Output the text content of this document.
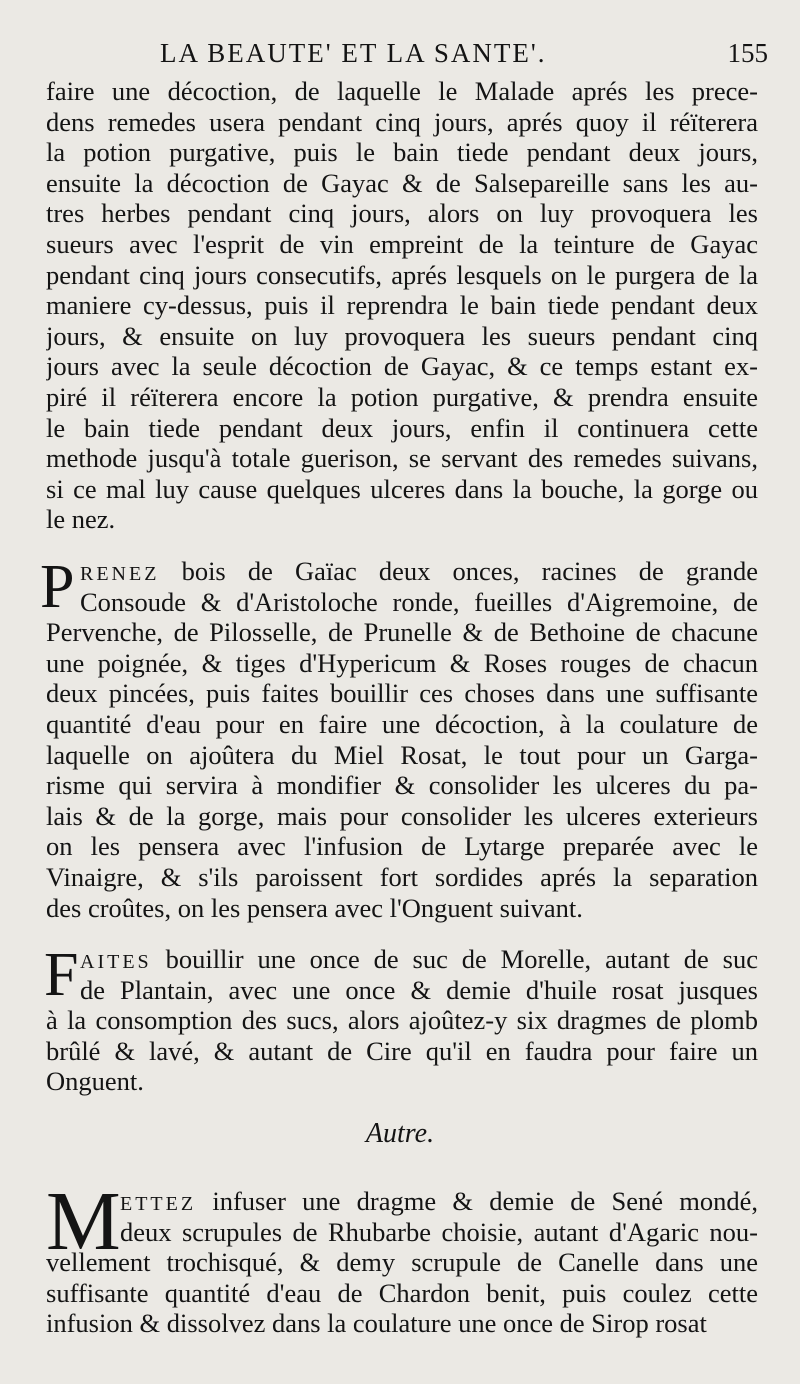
LA BEAUTE' ET LA SANTE'.	155
faire une décoction, de laquelle le Malade aprés les prece-
dens remedes usera pendant cinq jours, aprés quoy il réïterera
la potion purgative, puis le bain tiede pendant deux jours,
ensuite la décoction de Gayac & de Salsepareille sans les au-
tres herbes pendant cinq jours, alors on luy provoquera les
sueurs avec l'esprit de vin empreint de la teinture de Gayac
pendant cinq jours consecutifs, aprés lesquels on le purgera de la
maniere cy-dessus, puis il reprendra le bain tiede pendant deux
jours, & ensuite on luy provoquera les sueurs pendant cinq
jours avec la seule décoction de Gayac, & ce temps estant ex-
piré il réïterera encore la potion purgative, & prendra ensuite
le bain tiede pendant deux jours, enfin il continuera cette
methode jusqu'à totale guerison, se servant des remedes suivans,
si ce mal luy cause quelques ulceres dans la bouche, la gorge ou
le nez.
P RENEZ bois de Gaïac deux onces, racines de grande
Consoude & d'Aristoloche ronde, fueilles d'Aigremoine, de
Pervenche, de Pilosselle, de Prunelle & de Bethoine de chacune
une poignée, & tiges d'Hypericum & Roses rouges de chacun
deux pincées, puis faites bouillir ces choses dans une suffisante
quantité d'eau pour en faire une décoction, à la coulature de
laquelle on ajoûtera du Miel Rosat, le tout pour un Garga-
risme qui servira à mondifier & consolider les ulceres du pa-
lais & de la gorge, mais pour consolider les ulceres exterieurs
on les pensera avec l'infusion de Lytarge preparée avec le
Vinaigre, & s'ils paroissent fort sordides aprés la separation
des croûtes, on les pensera avec l'Onguent suivant.
F AITES bouillir une once de suc de Morelle, autant de suc
de Plantain, avec une once & demie d'huile rosat jusques
à la consomption des sucs, alors ajoûtez-y six dragmes de plomb
brûlé & lavé, & autant de Cire qu'il en faudra pour faire un
Onguent.
Autre.
M ETTEZ infuser une dragme & demie de Sené mondé,
deux scrupules de Rhubarbe choisie, autant d'Agaric nou-
vellement trochisqué, & demy scrupule de Canelle dans une
suffisante quantité d'eau de Chardon benit, puis coulez cette
infusion & dissolvez dans la coulature une once de Sirop rosat
